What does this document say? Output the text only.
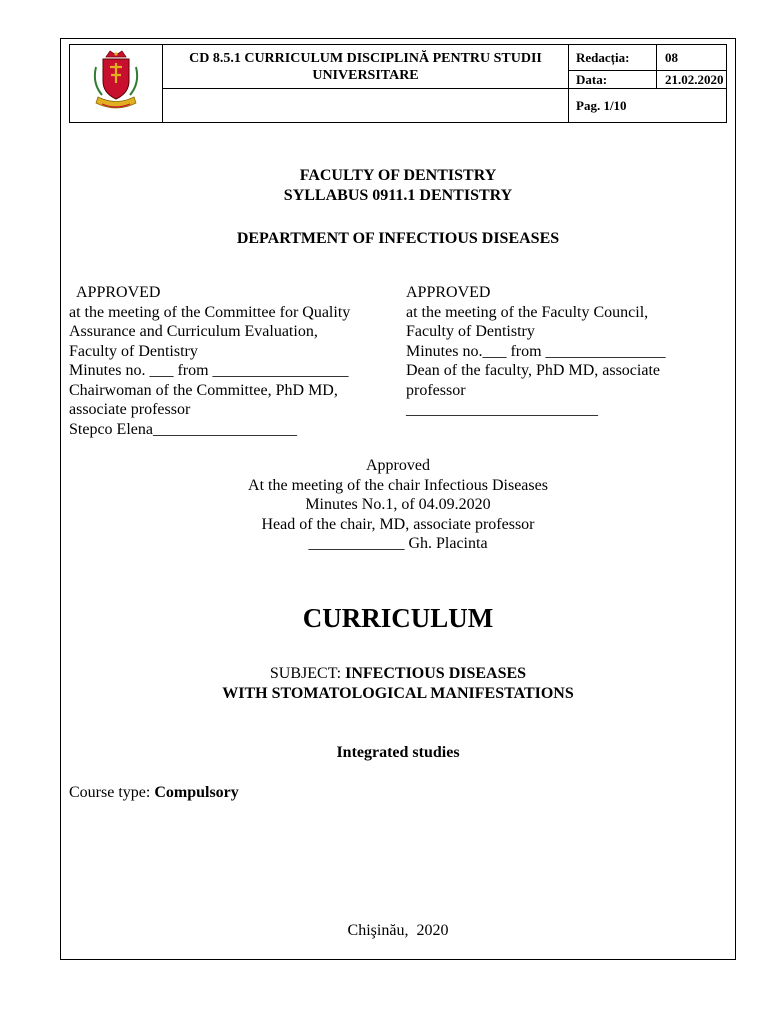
	CD 8.5.1 CURRICULUM DISCIPLINĂ PENTRU STUDII UNIVERSITARE	Redacția:	08
		Data:	21.02.2020
		Pag. 1/10	
FACULTY OF DENTISTRY
SYLLABUS 0911.1 DENTISTRY
DEPARTMENT OF INFECTIOUS DISEASES
APPROVED
at the meeting of the Committee for Quality
Assurance and Curriculum Evaluation,
Faculty of Dentistry
Minutes no. ___ from _________________
Chairwoman of the Committee, PhD MD,
associate professor
Stepco Elena__________________
APPROVED
at the meeting of the Faculty Council,
Faculty of Dentistry
Minutes no.___ from _______________
Dean of the faculty, PhD MD, associate
professor
________________________
Approved
At the meeting of the chair Infectious Diseases
Minutes No.1, of 04.09.2020
Head of the chair, MD, associate professor
____________ Gh. Placinta
CURRICULUM
SUBJECT: INFECTIOUS DISEASES
WITH STOMATOLOGICAL MANIFESTATIONS
Integrated studies
Course type: Compulsory
Chişinău,  2020
